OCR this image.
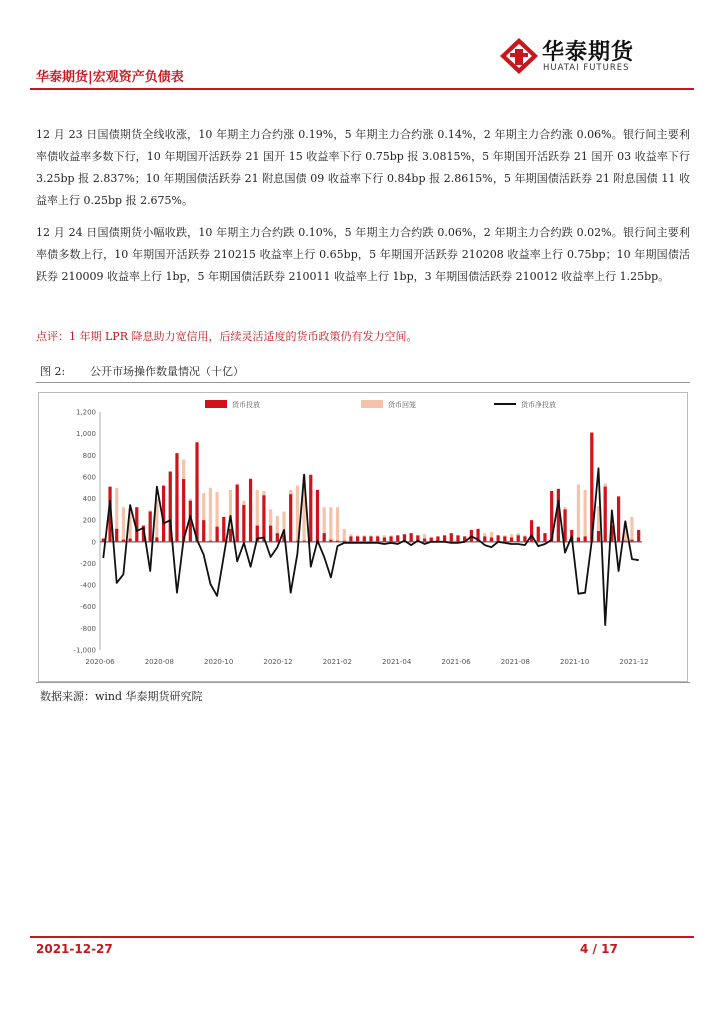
华泰期货|宏观资产负债表
华泰期货
HUATAI FUTURES
12 月 23 日国债期货全线收涨，10 年期主力合约涨 0.19%，5 年期主力合约涨 0.14%，2 年期主力合约涨 0.06%。银行间主要利率债收益率多数下行，10 年期国开活跃券 21 国开 15 收益率下行 0.75bp 报 3.0815%，5 年期国开活跃券 21 国开 03 收益率下行 3.25bp 报 2.837%；10 年期国债活跃券 21 附息国债 09 收益率下行 0.84bp 报 2.8615%，5 年期国债活跃券 21 附息国债 11 收益率上行 0.25bp 报 2.675%。
12 月 24 日国债期货小幅收跌，10 年期主力合约跌 0.10%，5 年期主力合约跌 0.06%，2 年期主力合约跌 0.02%。银行间主要利率债多数上行，10 年期国开活跃券 210215 收益率上行 0.65bp，5 年期国开活跃券 210208 收益率上行 0.75bp；10 年期国债活跃券 210009 收益率上行 1bp，5 年期国债活跃券 210011 收益率上行 1bp，3 年期国债活跃券 210012 收益率上行 1.25bp。
点评：1 年期 LPR 降息助力宽信用，后续灵活适度的货币政策仍有发力空间。
图 2: 公开市场操作数量情况（十亿）
货币投放	货币回笼	货币净投放
1,200
1,000
800
600
400
200
0
-200
-400
-600
-800
-1,000
2020-06	2020-08	2020-10	2020-12	2021-02	2021-04	2021-06	2021-08	2021-10	2021-12
数据来源：wind 华泰期货研究院
2021-12-27	4 / 17
